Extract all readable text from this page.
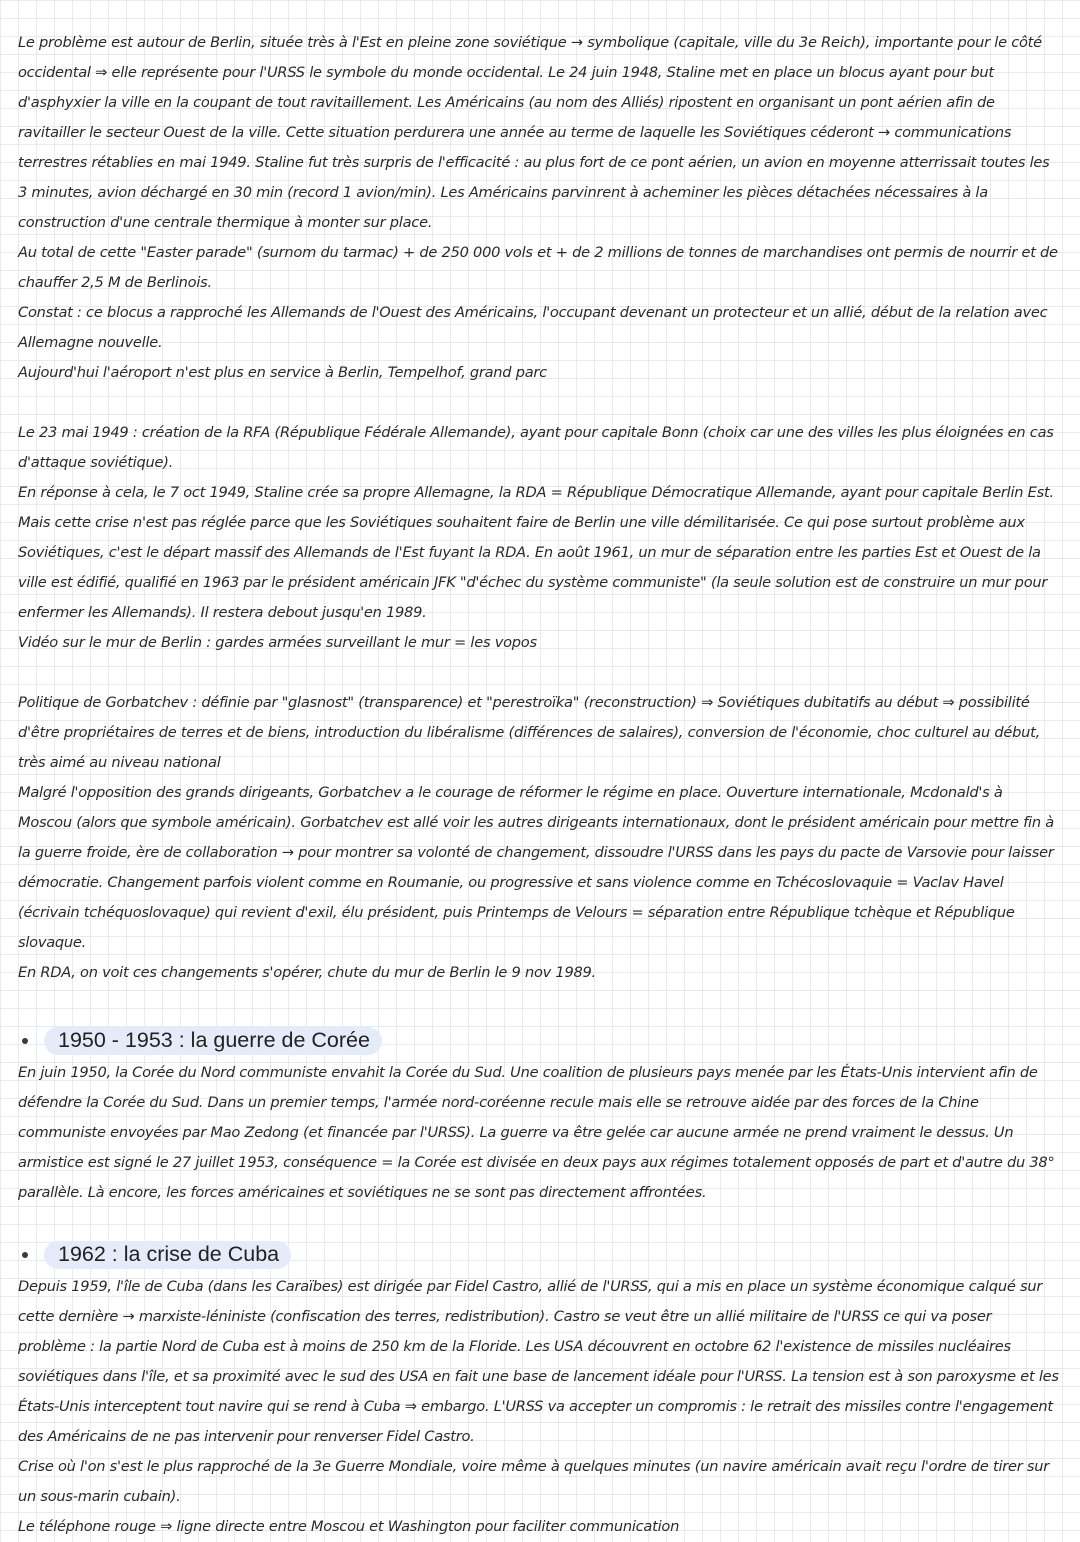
Le problème est autour de Berlin, située très à l'Est en pleine zone soviétique → symbolique (capitale, ville du 3e Reich), importante pour le côté occidental ⇒ elle représente pour l'URSS le symbole du monde occidental. Le 24 juin 1948, Staline met en place un blocus ayant pour but d'asphyxier la ville en la coupant de tout ravitaillement. Les Américains (au nom des Alliés) ripostent en organisant un pont aérien afin de ravitailler le secteur Ouest de la ville. Cette situation perdurera une année au terme de laquelle les Soviétiques céderont → communications terrestres rétablies en mai 1949. Staline fut très surpris de l'efficacité : au plus fort de ce pont aérien, un avion en moyenne atterrissait toutes les 3 minutes, avion déchargé en 30 min (record 1 avion/min). Les Américains parvinrent à acheminer les pièces détachées nécessaires à la construction d'une centrale thermique à monter sur place.

Au total de cette "Easter parade" (surnom du tarmac) + de 250 000 vols et + de 2 millions de tonnes de marchandises ont permis de nourrir et de chauffer 2,5 M de Berlinois.

Constat : ce blocus a rapproché les Allemands de l'Ouest des Américains, l'occupant devenant un protecteur et un allié, début de la relation avec Allemagne nouvelle.

Aujourd'hui l'aéroport n'est plus en service à Berlin, Tempelhof, grand parc

Le 23 mai 1949 : création de la RFA (République Fédérale Allemande), ayant pour capitale Bonn (choix car une des villes les plus éloignées en cas d'attaque soviétique).

En réponse à cela, le 7 oct 1949, Staline crée sa propre Allemagne, la RDA = République Démocratique Allemande, ayant pour capitale Berlin Est.

Mais cette crise n'est pas réglée parce que les Soviétiques souhaitent faire de Berlin une ville démilitarisée. Ce qui pose surtout problème aux Soviétiques, c'est le départ massif des Allemands de l'Est fuyant la RDA. En août 1961, un mur de séparation entre les parties Est et Ouest de la ville est édifié, qualifié en 1963 par le président américain JFK "d'échec du système communiste" (la seule solution est de construire un mur pour enfermer les Allemands). Il restera debout jusqu'en 1989.

Vidéo sur le mur de Berlin : gardes armées surveillant le mur = les vopos

Politique de Gorbatchev : définie par "glasnost" (transparence) et "perestroïka" (reconstruction) ⇒ Soviétiques dubitatifs au début ⇒ possibilité d'être propriétaires de terres et de biens, introduction du libéralisme (différences de salaires), conversion de l'économie, choc culturel au début, très aimé au niveau national

Malgré l'opposition des grands dirigeants, Gorbatchev a le courage de réformer le régime en place. Ouverture internationale, Mcdonald's à Moscou (alors que symbole américain). Gorbatchev est allé voir les autres dirigeants internationaux, dont le président américain pour mettre fin à la guerre froide, ère de collaboration → pour montrer sa volonté de changement, dissoudre l'URSS dans les pays du pacte de Varsovie pour laisser démocratie. Changement parfois violent comme en Roumanie, ou progressive et sans violence comme en Tchécoslovaquie = Vaclav Havel (écrivain tchéquoslovaque) qui revient d'exil, élu président, puis Printemps de Velours = séparation entre République tchèque et République slovaque.

En RDA, on voit ces changements s'opérer, chute du mur de Berlin le 9 nov 1989.

1950 - 1953 : la guerre de Corée

En juin 1950, la Corée du Nord communiste envahit la Corée du Sud. Une coalition de plusieurs pays menée par les États-Unis intervient afin de défendre la Corée du Sud. Dans un premier temps, l'armée nord-coréenne recule mais elle se retrouve aidée par des forces de la Chine communiste envoyées par Mao Zedong (et financée par l'URSS). La guerre va être gelée car aucune armée ne prend vraiment le dessus. Un armistice est signé le 27 juillet 1953, conséquence = la Corée est divisée en deux pays aux régimes totalement opposés de part et d'autre du 38° parallèle. Là encore, les forces américaines et soviétiques ne se sont pas directement affrontées.

1962 : la crise de Cuba

Depuis 1959, l'île de Cuba (dans les Caraïbes) est dirigée par Fidel Castro, allié de l'URSS, qui a mis en place un système économique calqué sur cette dernière → marxiste-léniniste (confiscation des terres, redistribution). Castro se veut être un allié militaire de l'URSS ce qui va poser problème : la partie Nord de Cuba est à moins de 250 km de la Floride. Les USA découvrent en octobre 62 l'existence de missiles nucléaires soviétiques dans l'île, et sa proximité avec le sud des USA en fait une base de lancement idéale pour l'URSS. La tension est à son paroxysme et les États-Unis interceptent tout navire qui se rend à Cuba ⇒ embargo. L'URSS va accepter un compromis : le retrait des missiles contre l'engagement des Américains de ne pas intervenir pour renverser Fidel Castro.

Crise où l'on s'est le plus rapproché de la 3e Guerre Mondiale, voire même à quelques minutes (un navire américain avait reçu l'ordre de tirer sur un sous-marin cubain).

Le téléphone rouge ⇒ ligne directe entre Moscou et Washington pour faciliter communication
